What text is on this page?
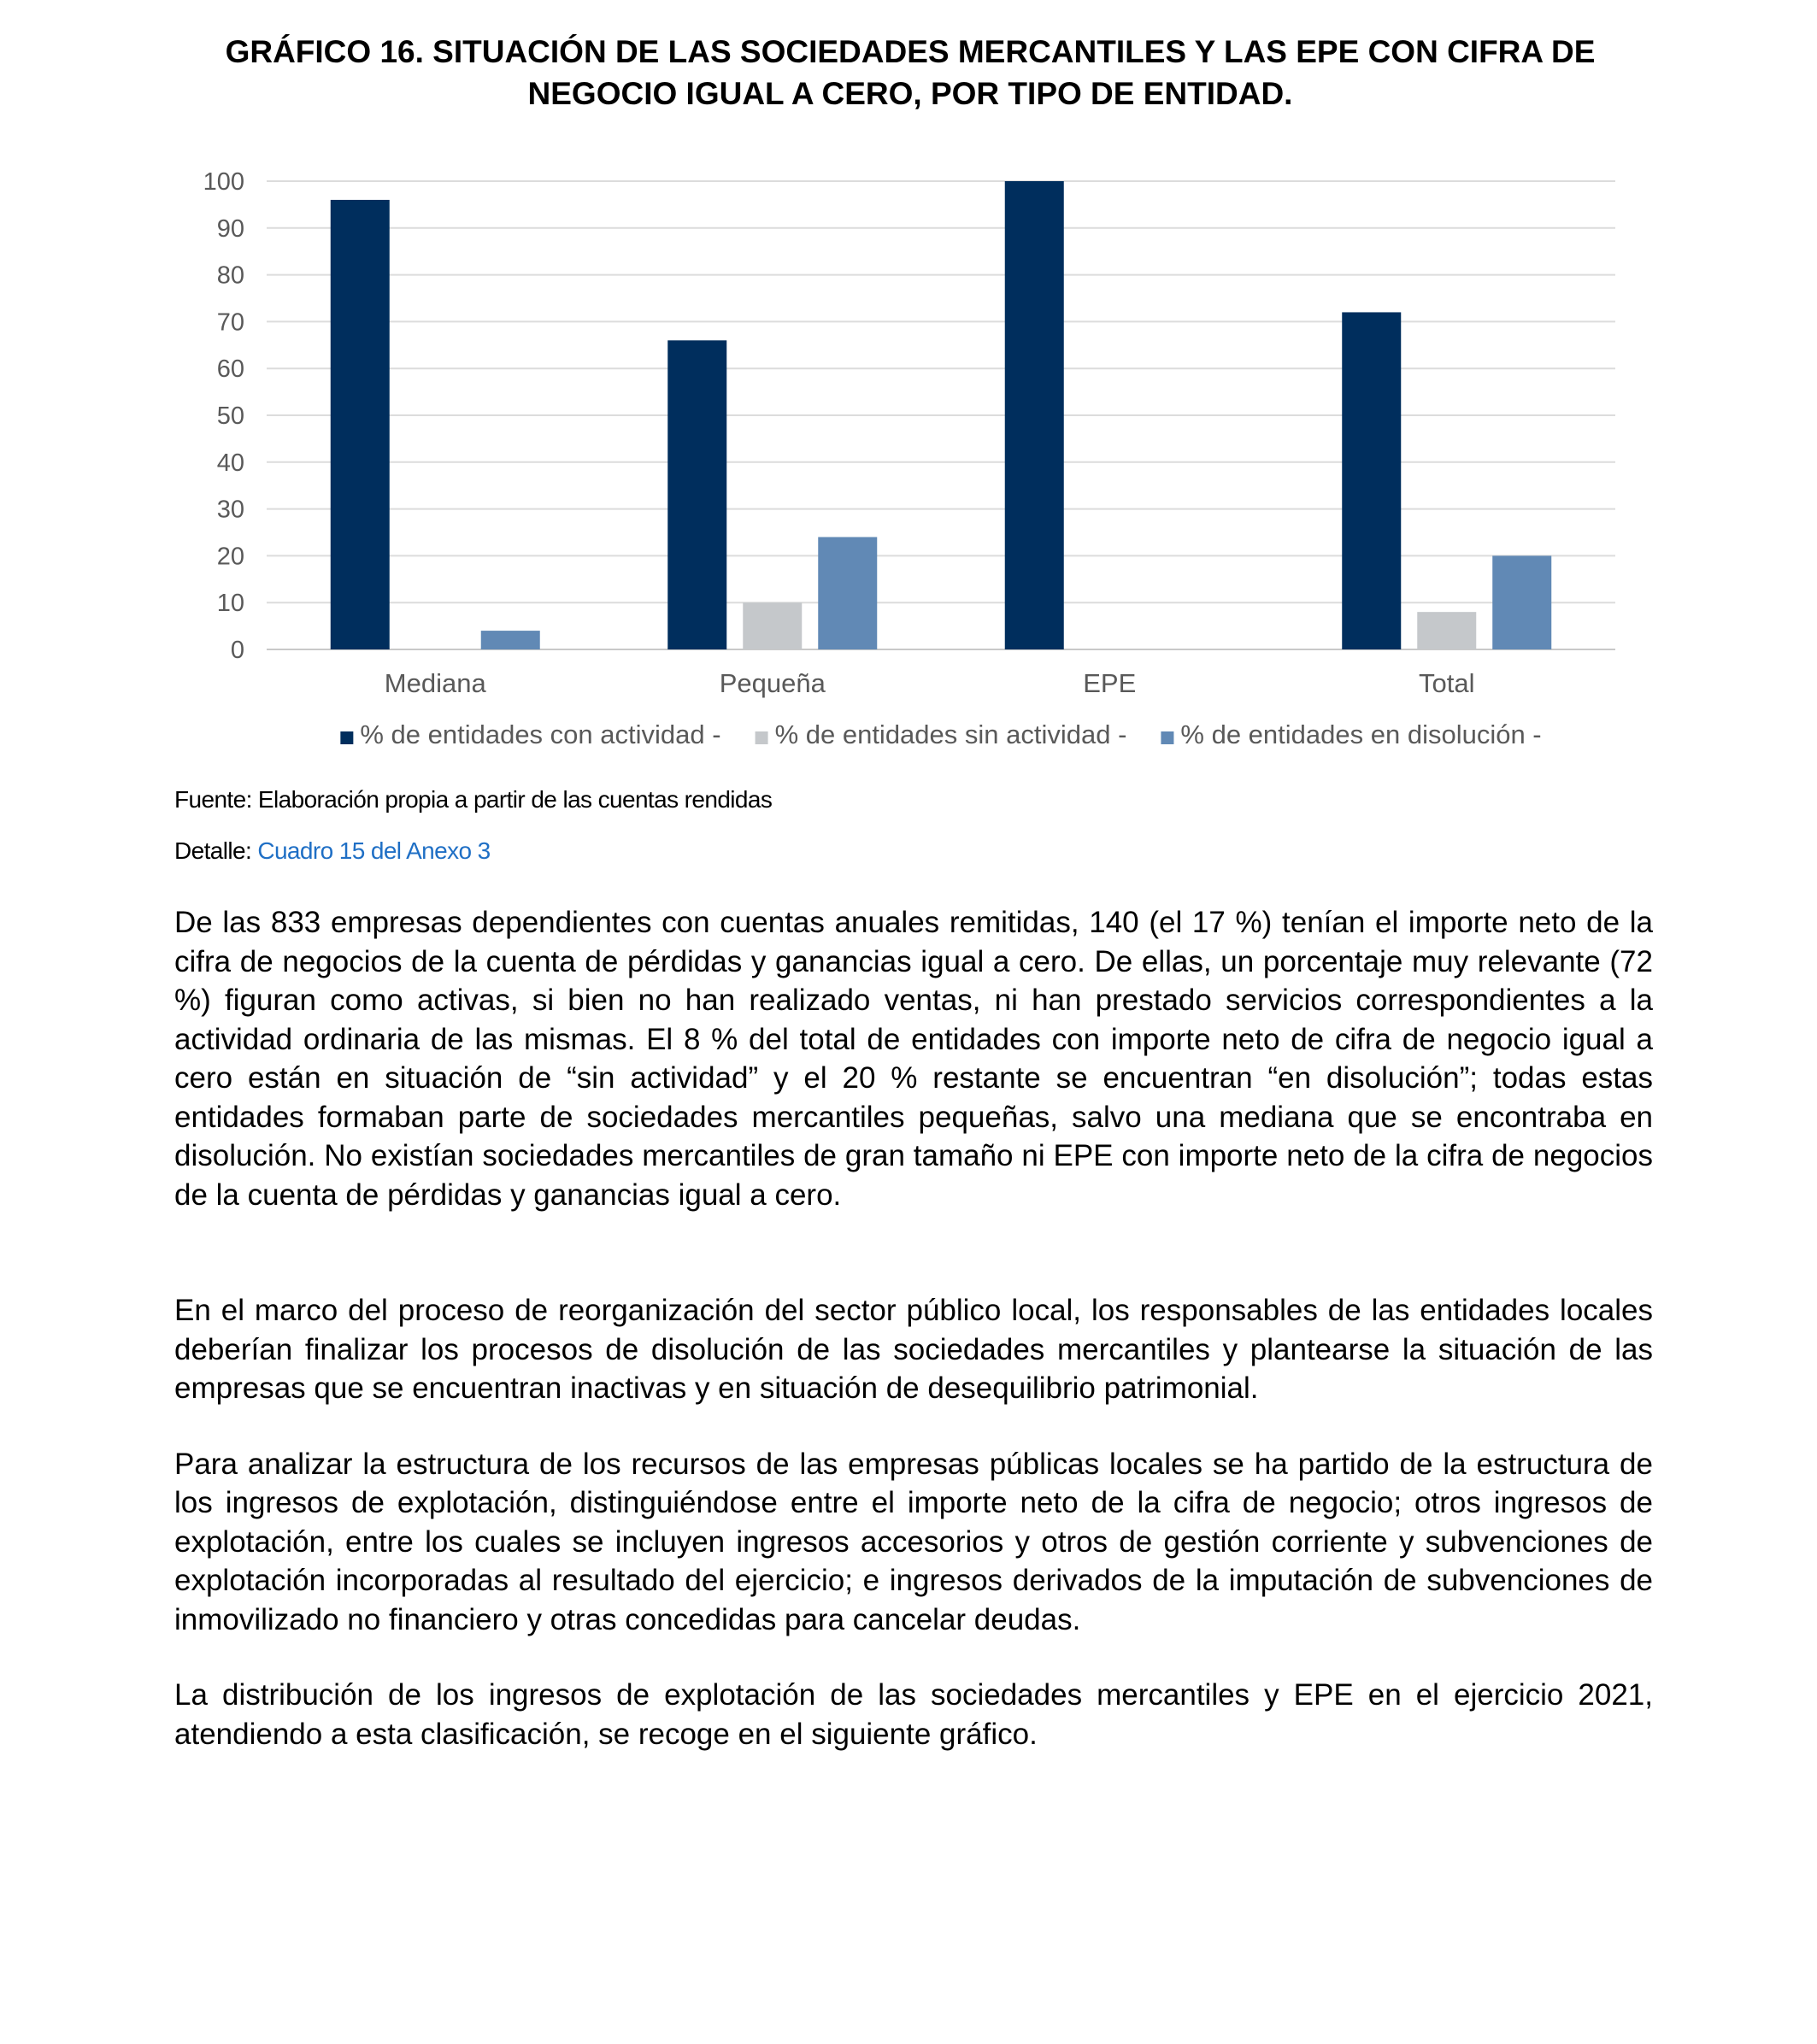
GRÁFICO 16. SITUACIÓN DE LAS SOCIEDADES MERCANTILES Y LAS EPE CON CIFRA DE
NEGOCIO IGUAL A CERO, POR TIPO DE ENTIDAD.
0
10
20
30
40
50
60
70
80
90
100
Mediana	Pequeña	EPE	Total
% de entidades con actividad - % de entidades sin actividad - % de entidades en disolución -
Fuente: Elaboración propia a partir de las cuentas rendidas
Detalle: Cuadro 15 del Anexo 3

De las 833 empresas dependientes con cuentas anuales remitidas, 140 (el 17 %) tenían el importe neto de la cifra de negocios de la cuenta de pérdidas y ganancias igual a cero. De ellas, un porcentaje muy relevante (72 %) figuran como activas, si bien no han realizado ventas, ni han prestado servicios correspondientes a la actividad ordinaria de las mismas. El 8 % del total de entidades con importe neto de cifra de negocio igual a cero están en situación de “sin actividad” y el 20 % restante se encuentran “en disolución”; todas estas entidades formaban parte de sociedades mercantiles pequeñas, salvo una mediana que se encontraba en disolución. No existían sociedades mercantiles de gran tamaño ni EPE con importe neto de la cifra de negocios de la cuenta de pérdidas y ganancias igual a cero.

En el marco del proceso de reorganización del sector público local, los responsables de las entidades locales deberían finalizar los procesos de disolución de las sociedades mercantiles y plantearse la situación de las empresas que se encuentran inactivas y en situación de desequilibrio patrimonial.

Para analizar la estructura de los recursos de las empresas públicas locales se ha partido de la estructura de los ingresos de explotación, distinguiéndose entre el importe neto de la cifra de negocio; otros ingresos de explotación, entre los cuales se incluyen ingresos accesorios y otros de gestión corriente y subvenciones de explotación incorporadas al resultado del ejercicio; e ingresos derivados de la imputación de subvenciones de inmovilizado no financiero y otras concedidas para cancelar deudas.

La distribución de los ingresos de explotación de las sociedades mercantiles y EPE en el ejercicio 2021, atendiendo a esta clasificación, se recoge en el siguiente gráfico.
